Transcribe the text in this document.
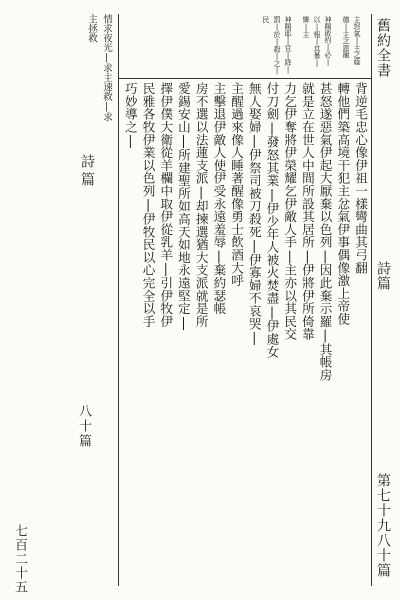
舊約全書
詩篇
第七十九八十篇

主怒氣|主之蔭德|主之恩寵

神賜敗約|必|以|報|其暴|憐|主

神賜耶|宜|降|罰|於|殺|之|民

背逆毛忠心像伊祖一樣彎曲其弓翻

轉他們築高境干犯主忿氣伊事偶像激上帝使

甚怒遂惡氣伊起大厭棄以色列|因此棄示羅|其帳房

就是立在世人中間所設其居所|伊將伊所倚靠

力乞伊奪將伊榮耀乞伊敵人手|主亦以其民交

付刀劍|發怒其業|伊少年人被火焚盡|伊處女

無人娶婦|伊祭司被刀殺死|伊寡婦不哀哭|

主醒過來像人睡著醒像勇士飲酒大呼

主擊退伊敵人使伊受永遠羞辱|棄約瑟帳

房不選以法蓮支派|却揀選猶大支派就是所

愛錫安山|所建聖所如高天如地永遠堅定|

擇伊僕大衛從羊欄中取伊從乳羊|引伊牧伊

民雅各牧伊業以色列|伊牧民以心完全以手

巧妙導之|

情求夜光|求主速救|求主拯救
詩篇
八十篇
七百二十五
